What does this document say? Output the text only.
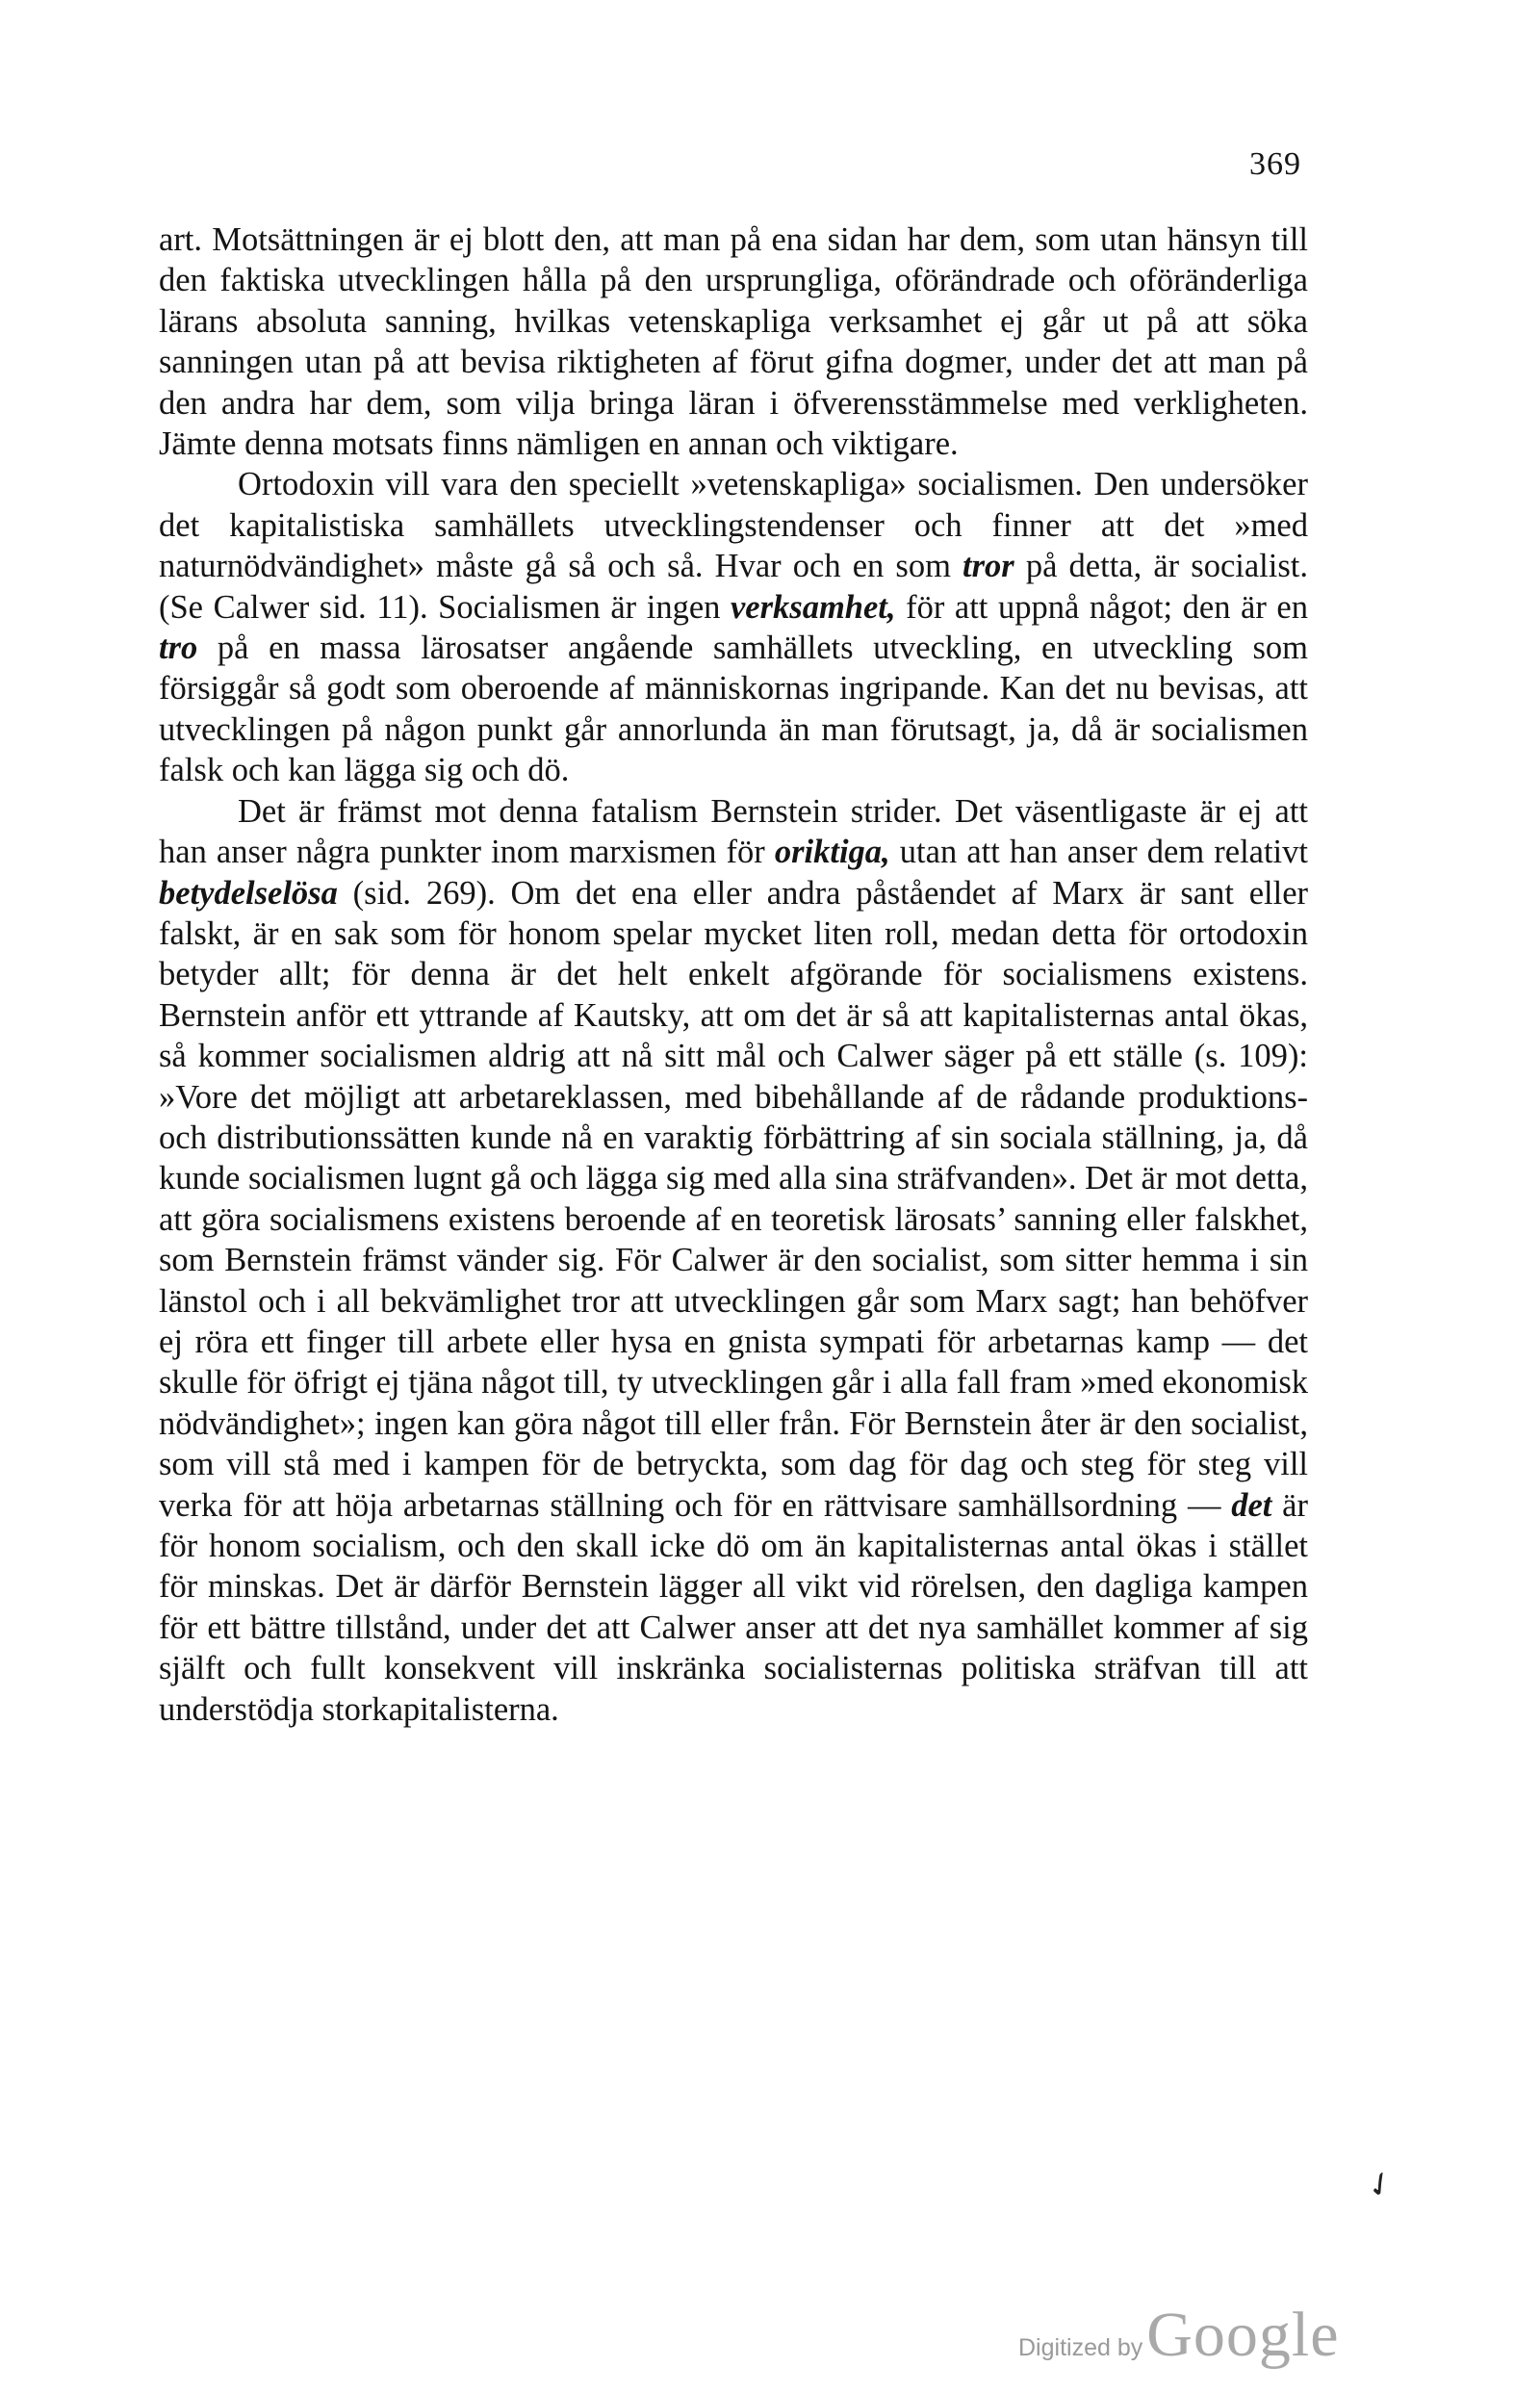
369

art. Motsättningen är ej blott den, att man på ena sidan har dem, som utan hänsyn till den faktiska utvecklingen hålla på den ursprungliga, oförändrade och oföränderliga lärans absoluta sanning, hvilkas vetenskapliga verksamhet ej går ut på att söka sanningen utan på att bevisa riktigheten af förut gifna dogmer, under det att man på den andra har dem, som vilja bringa läran i öfverensstämmelse med verkligheten. Jämte denna motsats finns nämligen en annan och viktigare.

Ortodoxin vill vara den speciellt »vetenskapliga» socialismen. Den undersöker det kapitalistiska samhällets utvecklingstendenser och finner att det »med naturnödvändighet» måste gå så och så. Hvar och en som tror på detta, är socialist. (Se Calwer sid. 11). Socialismen är ingen verksamhet, för att uppnå något; den är en tro på en massa lärosatser angående samhällets utveckling, en utveckling som försiggår så godt som oberoende af människornas ingripande. Kan det nu bevisas, att utvecklingen på någon punkt går annorlunda än man förutsagt, ja, då är socialismen falsk och kan lägga sig och dö.

Det är främst mot denna fatalism Bernstein strider. Det väsentligaste är ej att han anser några punkter inom marxismen för oriktiga, utan att han anser dem relativt betydelselösa (sid. 269). Om det ena eller andra påståendet af Marx är sant eller falskt, är en sak som för honom spelar mycket liten roll, medan detta för ortodoxin betyder allt; för denna är det helt enkelt afgörande för socialismens existens. Bernstein anför ett yttrande af Kautsky, att om det är så att kapitalisternas antal ökas, så kommer socialismen aldrig att nå sitt mål och Calwer säger på ett ställe (s. 109): »Vore det möjligt att arbetareklassen, med bibehållande af de rådande produktions- och distributionssätten kunde nå en varaktig förbättring af sin sociala ställning, ja, då kunde socialismen lugnt gå och lägga sig med alla sina sträfvanden». Det är mot detta, att göra socialismens existens beroende af en teoretisk lärosats’ sanning eller falskhet, som Bernstein främst vänder sig. För Calwer är den socialist, som sitter hemma i sin länstol och i all bekvämlighet tror att utvecklingen går som Marx sagt; han behöfver ej röra ett finger till arbete eller hysa en gnista sympati för arbetarnas kamp — det skulle för öfrigt ej tjäna något till, ty utvecklingen går i alla fall fram »med ekonomisk nödvändighet»; ingen kan göra något till eller från. För Bernstein åter är den socialist, som vill stå med i kampen för de betryckta, som dag för dag och steg för steg vill verka för att höja arbetarnas ställning och för en rättvisare samhällsordning — det är för honom socialism, och den skall icke dö om än kapitalisternas antal ökas i stället för minskas. Det är därför Bernstein lägger all vikt vid rörelsen, den dagliga kampen för ett bättre tillstånd, under det att Calwer anser att det nya samhället kommer af sig själft och fullt konsekvent vill inskränka socialisternas politiska sträfvan till att understödja storkapitalisterna.

✓
Digitized by Google
